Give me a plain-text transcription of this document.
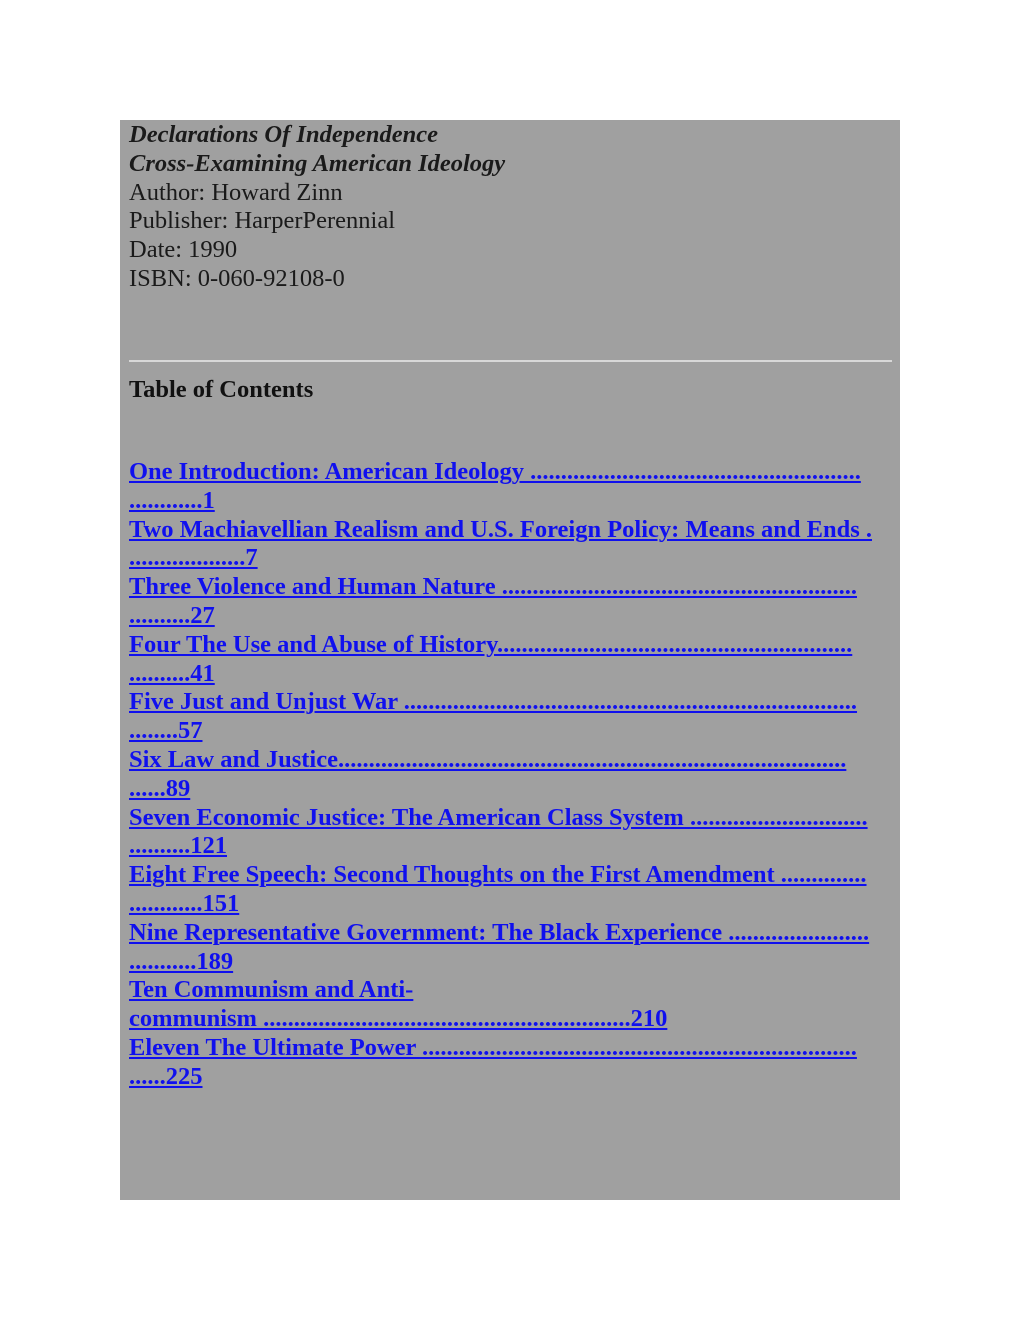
Declarations Of Independence
Cross-Examining American Ideology
Author: Howard Zinn
Publisher: HarperPerennial
Date: 1990
ISBN: 0-060-92108-0
Table of Contents
One Introduction: American Ideology ......................................................
............1
Two Machiavellian Realism and U.S. Foreign Policy: Means and Ends .
...................7
Three Violence and Human Nature ..........................................................
..........27
Four The Use and Abuse of History..........................................................
..........41
Five Just and Unjust War ..........................................................................
........57
Six Law and Justice...................................................................................
......89
Seven Economic Justice: The American Class System .............................
..........121
Eight Free Speech: Second Thoughts on the First Amendment ..............
............151
Nine Representative Government: The Black Experience .......................
...........189
Ten Communism and Anti-
communism ............................................................210
Eleven The Ultimate Power .......................................................................
......225
